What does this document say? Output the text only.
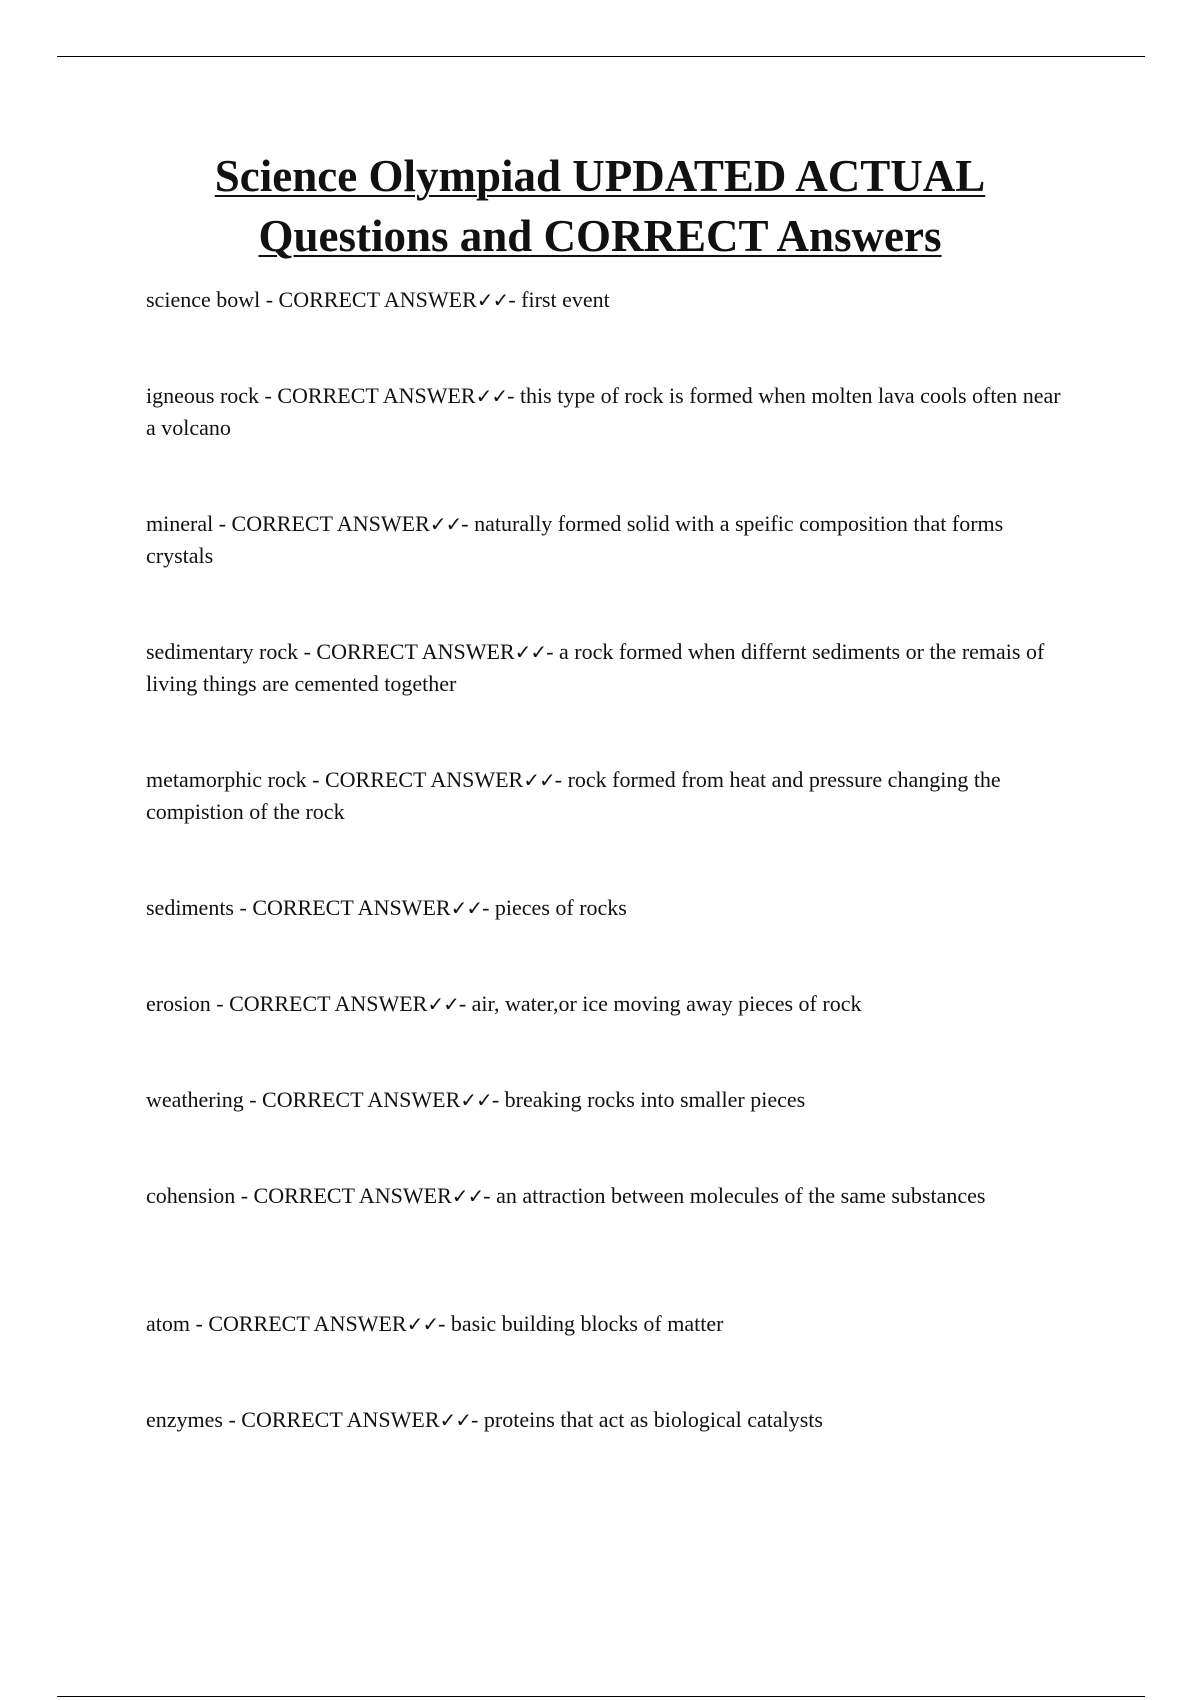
Science Olympiad UPDATED ACTUAL
Questions and CORRECT Answers
science bowl - CORRECT ANSWER✓✓- first event
igneous rock - CORRECT ANSWER✓✓- this type of rock is formed when molten lava cools often near a volcano
mineral - CORRECT ANSWER✓✓- naturally formed solid with a speific composition that forms crystals
sedimentary rock - CORRECT ANSWER✓✓- a rock formed when differnt sediments or the remais of living things are cemented together
metamorphic rock - CORRECT ANSWER✓✓- rock formed from heat and pressure changing the compistion of the rock
sediments - CORRECT ANSWER✓✓- pieces of rocks
erosion - CORRECT ANSWER✓✓- air, water,or ice moving away pieces of rock
weathering - CORRECT ANSWER✓✓- breaking rocks into smaller pieces
cohension - CORRECT ANSWER✓✓- an attraction between molecules of the same substances
atom - CORRECT ANSWER✓✓- basic building blocks of matter
enzymes - CORRECT ANSWER✓✓- proteins that act as biological catalysts
